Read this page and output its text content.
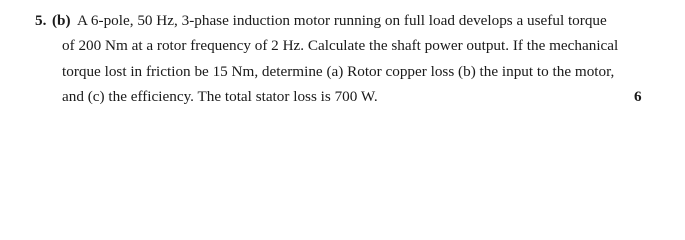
5. (b) A 6-pole, 50 Hz, 3-phase induction motor running on full load develops a useful torque
of 200 Nm at a rotor frequency of 2 Hz. Calculate the shaft power output. If the mechanical
torque lost in friction be 15 Nm, determine (a) Rotor copper loss (b) the input to the motor,
and (c) the efficiency. The total stator loss is 700 W.	6
